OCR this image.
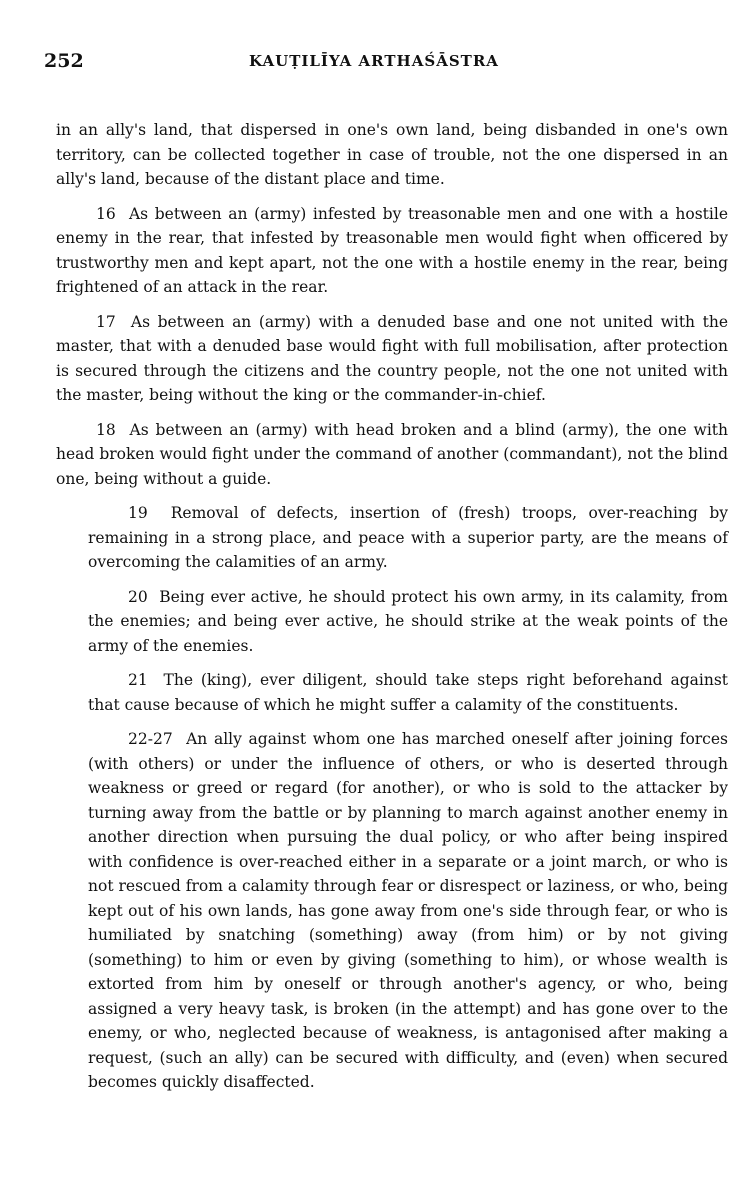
252	KAUṬILĪYA ARTHAŚĀSTRA

in an ally's land, that dispersed in one's own land, being disbanded in one's own territory, can be collected together in case of trouble, not the one dispersed in an ally's land, because of the distant place and time.

16 As between an (army) infested by treasonable men and one with a hostile enemy in the rear, that infested by treasonable men would fight when officered by trustworthy men and kept apart, not the one with a hostile enemy in the rear, being frightened of an attack in the rear.

17 As between an (army) with a denuded base and one not united with the master, that with a denuded base would fight with full mobilisation, after protection is secured through the citizens and the country people, not the one not united with the master, being without the king or the commander-in-chief.

18 As between an (army) with head broken and a blind (army), the one with head broken would fight under the command of another (commandant), not the blind one, being without a guide.

19 Removal of defects, insertion of (fresh) troops, over-reaching by remaining in a strong place, and peace with a superior party, are the means of overcoming the calamities of an army.

20 Being ever active, he should protect his own army, in its calamity, from the enemies; and being ever active, he should strike at the weak points of the army of the enemies.

21 The (king), ever diligent, should take steps right beforehand against that cause because of which he might suffer a calamity of the constituents.

22-27 An ally against whom one has marched oneself after joining forces (with others) or under the influence of others, or who is deserted through weakness or greed or regard (for another), or who is sold to the attacker by turning away from the battle or by planning to march against another enemy in another direction when pursuing the dual policy, or who after being inspired with confidence is over-reached either in a separate or a joint march, or who is not rescued from a calamity through fear or disrespect or laziness, or who, being kept out of his own lands, has gone away from one's side through fear, or who is humiliated by snatching (something) away (from him) or by not giving (something) to him or even by giving (something to him), or whose wealth is extorted from him by oneself or through another's agency, or who, being assigned a very heavy task, is broken (in the attempt) and has gone over to the enemy, or who, neglected because of weakness, is antagonised after making a request, (such an ally) can be secured with difficulty, and (even) when secured becomes quickly disaffected.
